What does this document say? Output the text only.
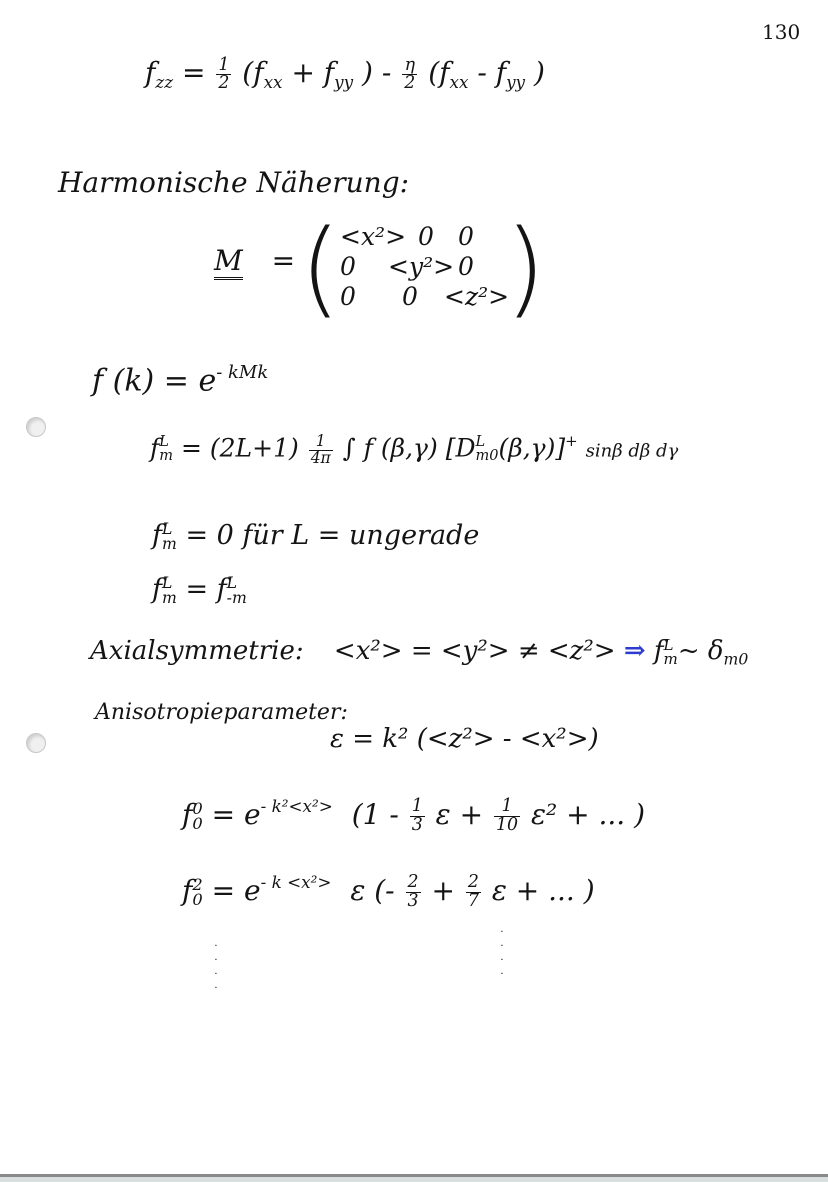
130
$f_{zz} = \frac{1}{2} (f_{xx} + f_{yy}$ ) - $\frac{\eta}{2} (f_{xx} - f_{yy}$ )
Harmonische Näherung:
M = ( <x²> 0 0
0 <y²> 0
0 0 <z²>
)
f $(k) = e^{- kMk}$
f L
$m = (2L+1) \frac{1}{4\pi}$ ∫ f (β,γ) [D L
m0 (β,γ)]+ sinβ dβ dγ
f L
m = 0 für L = ungerade
f L
m = f L
-m
Axialsymmetrie: <x²> = <y²> ≠ <z²> ⇒ f L
m ~ $\delta_{m0}$
Anisotropieparameter:
ε = k² (<z²> - <x²>)
f 0
$0 = e^{- k^2<x^2>}$ ($1 - \frac{1}{3}$ $\varepsilon + \frac{1}{10} \varepsilon^2$ + ... )
f 2
$0 = e^{- k <x^2>}$ ε (- $\frac{2}{3} + \frac{2}{7}$ ε + ... )
·
·
·
·
·
·
·
·
